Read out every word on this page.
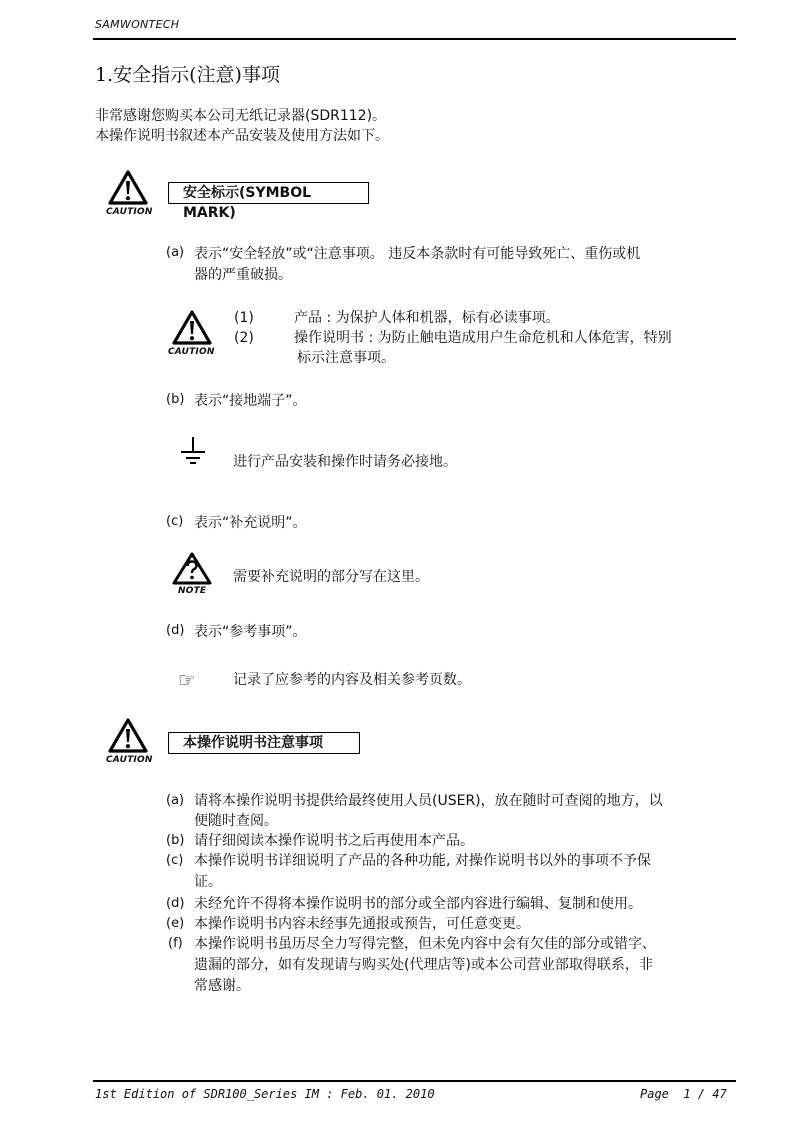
SAMWONTECH
1.安全指示(注意)事项
非常感谢您购买本公司无纸记录器(SDR112)。
本操作说明书叙述本产品安装及使用方法如下。
CAUTION
安全标示(SYMBOL MARK)
(a) 表示“安全轻放”或“注意事项。 违反本条款时有可能导致死亡、重伤或机
器的严重破损。
CAUTION
(1)	产品 : 为保护人体和机器，标有必读事项。
(2)	操作说明书 : 为防止触电造成用户生命危机和人体危害，特别
标示注意事项。
(b) 表示“接地端子”。
进行产品安装和操作时请务必接地。
(c) 表示“补充说明”。
NOTE
需要补充说明的部分写在这里。
(d) 表示“参考事项”。
☞	记录了应参考的内容及相关参考页数。
CAUTION
本操作说明书注意事项
(a) 请将本操作说明书提供给最终使用人员(USER)，放在随时可查阅的地方，以
便随时查阅。
(b) 请仔细阅读本操作说明书之后再使用本产品。
(c) 本操作说明书详细说明了产品的各种功能, 对操作说明书以外的事项不予保
证。
(d) 未经允许不得将本操作说明书的部分或全部内容进行编辑、复制和使用。
(e) 本操作说明书内容未经事先通报或预告，可任意变更。
(f) 本操作说明书虽历尽全力写得完整，但未免内容中会有欠佳的部分或错字、
遗漏的部分，如有发现请与购买处(代理店等)或本公司营业部取得联系，非
常感谢。
1st Edition of SDR100_Series IM : Feb. 01. 2010	Page  1 / 47
